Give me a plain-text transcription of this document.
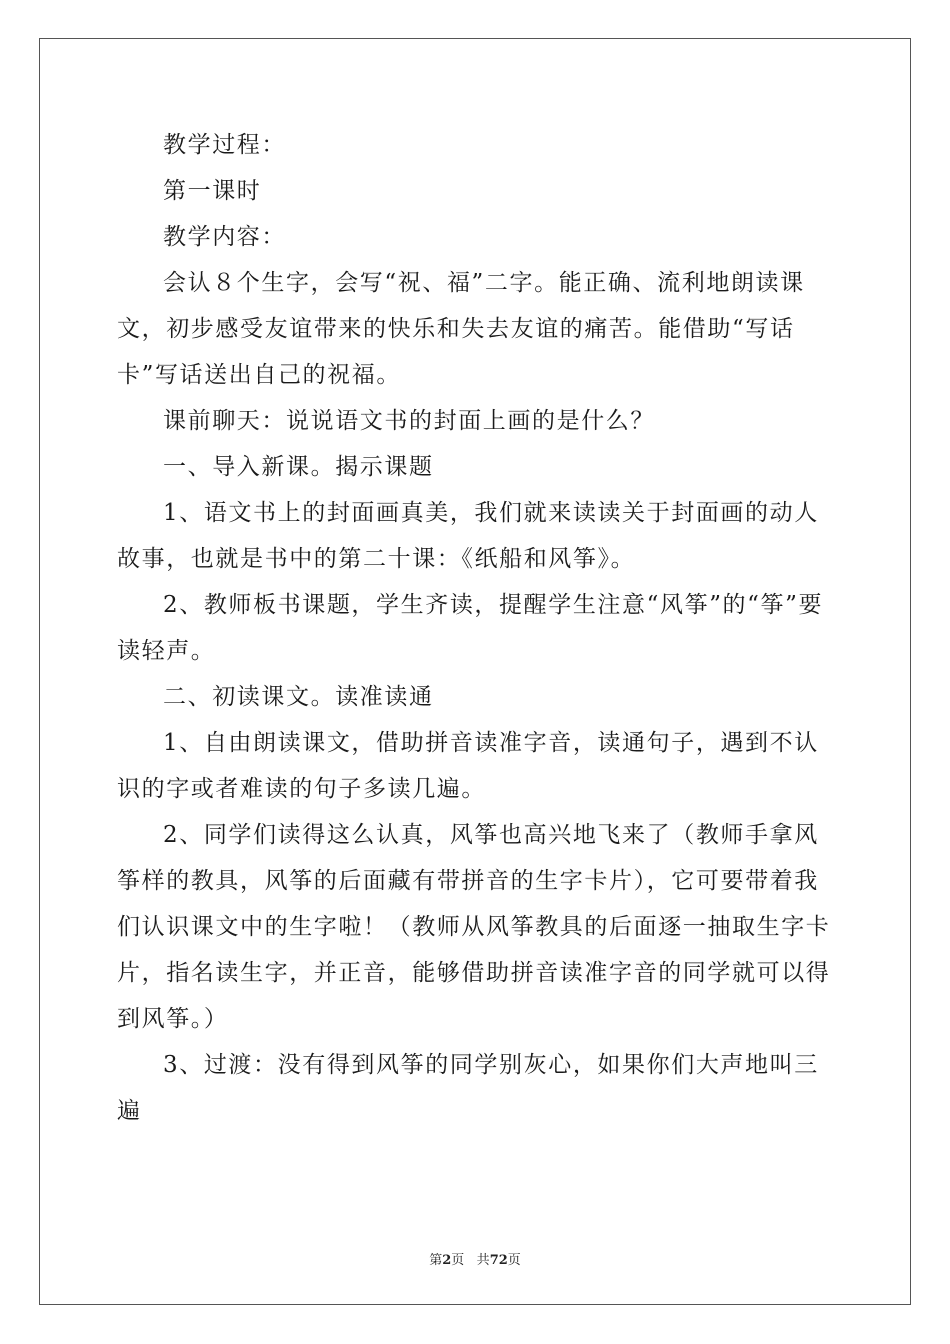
教学过程：

第一课时

教学内容：

会认８个生字，会写“祝、福”二字。能正确、流利地朗读课文，初步感受友谊带来的快乐和失去友谊的痛苦。能借助“写话卡”写话送出自己的祝福。

课前聊天：说说语文书的封面上画的是什么？

一、导入新课。揭示课题

1、语文书上的封面画真美，我们就来读读关于封面画的动人故事，也就是书中的第二十课：《纸船和风筝》。

2、教师板书课题，学生齐读，提醒学生注意“风筝”的“筝”要读轻声。

二、初读课文。读准读通

1、自由朗读课文，借助拼音读准字音，读通句子，遇到不认识的字或者难读的句子多读几遍。

2、同学们读得这么认真，风筝也高兴地飞来了（教师手拿风筝样的教具，风筝的后面藏有带拼音的生字卡片），它可要带着我们认识课文中的生字啦！（教师从风筝教具的后面逐一抽取生字卡片，指名读生字，并正音，能够借助拼音读准字音的同学就可以得到风筝。）

3、过渡：没有得到风筝的同学别灰心，如果你们大声地叫三遍

第2页 共72页
